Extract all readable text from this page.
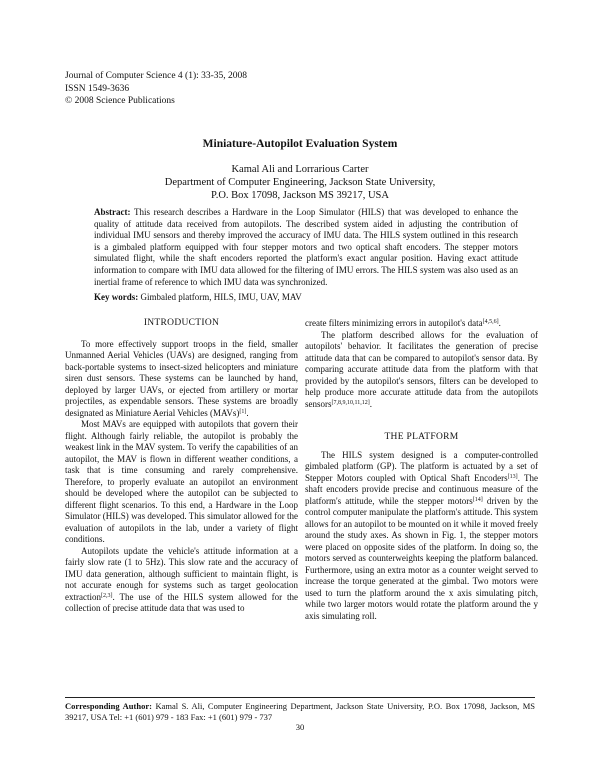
Journal of Computer Science 4 (1): 33-35, 2008
ISSN 1549-3636
© 2008 Science Publications
Miniature-Autopilot Evaluation System
Kamal Ali and Lorrarious Carter
Department of Computer Engineering, Jackson State University,
P.O. Box 17098, Jackson MS 39217, USA
Abstract: This research describes a Hardware in the Loop Simulator (HILS) that was developed to enhance the quality of attitude data received from autopilots. The described system aided in adjusting the contribution of individual IMU sensors and thereby improved the accuracy of IMU data. The HILS system outlined in this research is a gimbaled platform equipped with four stepper motors and two optical shaft encoders. The stepper motors simulated flight, while the shaft encoders reported the platform's exact angular position. Having exact attitude information to compare with IMU data allowed for the filtering of IMU errors. The HILS system was also used as an inertial frame of reference to which IMU data was synchronized.
Key words: Gimbaled platform, HILS, IMU, UAV, MAV
INTRODUCTION

To more effectively support troops in the field, smaller Unmanned Aerial Vehicles (UAVs) are designed, ranging from back-portable systems to insect-sized helicopters and miniature siren dust sensors. These systems can be launched by hand, deployed by larger UAVs, or ejected from artillery or mortar projectiles, as expendable sensors. These systems are broadly designated as Miniature Aerial Vehicles (MAVs)[1].

Most MAVs are equipped with autopilots that govern their flight. Although fairly reliable, the autopilot is probably the weakest link in the MAV system. To verify the capabilities of an autopilot, the MAV is flown in different weather conditions, a task that is time consuming and rarely comprehensive. Therefore, to properly evaluate an autopilot an environment should be developed where the autopilot can be subjected to different flight scenarios. To this end, a Hardware in the Loop Simulator (HILS) was developed. This simulator allowed for the evaluation of autopilots in the lab, under a variety of flight conditions.

Autopilots update the vehicle's attitude information at a fairly slow rate (1 to 5Hz). This slow rate and the accuracy of IMU data generation, although sufficient to maintain flight, is not accurate enough for systems such as target geolocation extraction[2,3]. The use of the HILS system allowed for the collection of precise attitude data that was used to

create filters minimizing errors in autopilot's data[4,5,6].

The platform described allows for the evaluation of autopilots' behavior. It facilitates the generation of precise attitude data that can be compared to autopilot's sensor data. By comparing accurate attitude data from the platform with that provided by the autopilot's sensors, filters can be developed to help produce more accurate attitude data from the autopilots sensors[7,8,9,10,11,12].

THE PLATFORM

The HILS system designed is a computer-controlled gimbaled platform (GP). The platform is actuated by a set of Stepper Motors coupled with Optical Shaft Encoders[13]. The shaft encoders provide precise and continuous measure of the platform's attitude, while the stepper motors[14] driven by the control computer manipulate the platform's attitude. This system allows for an autopilot to be mounted on it while it moved freely around the study axes. As shown in Fig. 1, the stepper motors were placed on opposite sides of the platform. In doing so, the motors served as counterweights keeping the platform balanced. Furthermore, using an extra motor as a counter weight served to increase the torque generated at the gimbal. Two motors were used to turn the platform around the x axis simulating pitch, while two larger motors would rotate the platform around the y axis simulating roll.

Corresponding Author: Kamal S. Ali, Computer Engineering Department, Jackson State University, P.O. Box 17098, Jackson, MS 39217, USA Tel: +1 (601) 979 - 183 Fax: +1 (601) 979 - 737
30
